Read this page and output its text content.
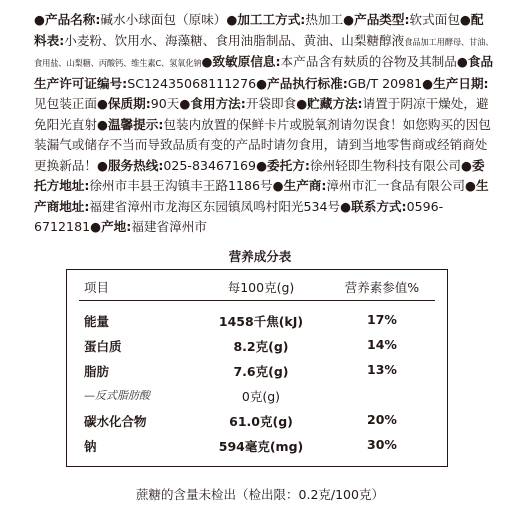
●产品名称:碱水小球面包（原味）●加工工方式:热加工●产品类型:软式面包●配料表:小麦粉、饮用水、海藻糖、食用油脂制品、黄油、山梨糖醇液食品加工用酵母、甘油、食用盐、山梨糖、丙酸钙、维生素C、氢氧化钠●致敏原信息:本产品含有麸质的谷物及其制品●食品生产许可证编号:SC12435068111276●产品执行标准:GB/T 20981●生产日期:见包装正面●保质期:90天●食用方法:开袋即食●贮藏方法:请置于阴凉干燥处，避免阳光直射●温馨提示:包装内放置的保鲜卡片或脱氧剂请勿误食！如您购买的因包装漏气或储存不当而导致品质有变的产品时请勿食用，请到当地零售商或经销商处更换新品！●服务热线:025-83467169●委托方:徐州轻即生物科技有限公司●委托方地址:徐州市丰县王沟镇丰王路1186号●生产商:漳州市汇一食品有限公司●生产商地址:福建省漳州市龙海区东园镇凤鸣村阳光534号●联系方式:0596-6712181●产地:福建省漳州市

营养成分表
项目	每100克(g)	营养素参值%
能量	1458千焦(kJ)	17%
蛋白质	8.2克(g)	14%
脂肪	7.6克(g)	13%
—反式脂肪酸	0克(g)
碳水化合物	61.0克(g)	20%
钠	594毫克(mg)	30%
蔗糖的含量未检出（检出限：0.2克/100克）
